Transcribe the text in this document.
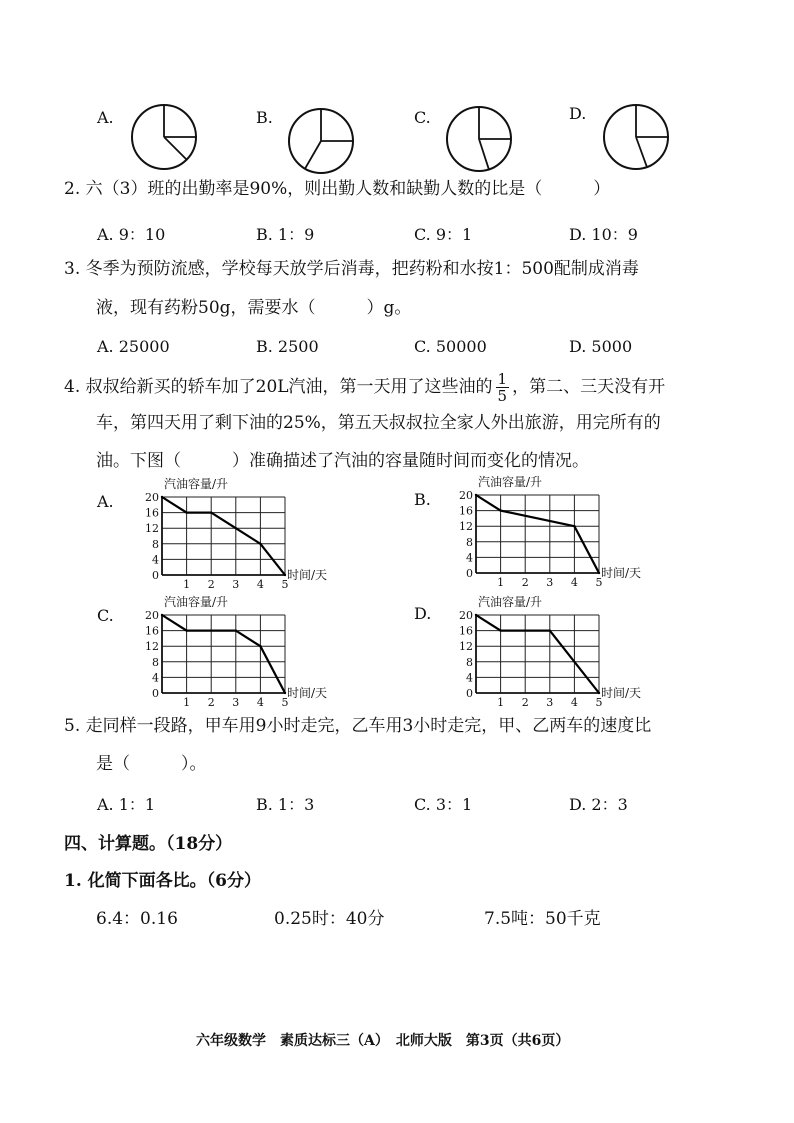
A.	B.	C.	D.
2. 六（3）班的出勤率是90%，则出勤人数和缺勤人数的比是（　　　）
A. 9：10	B. 1：9	C. 9：1	D. 10：9
3. 冬季为预防流感，学校每天放学后消毒，把药粉和水按1：500配制成消毒
液，现有药粉50g，需要水（　　　）g。
A. 25000	B. 2500	C. 50000	D. 5000
4. 叔叔给新买的轿车加了20L汽油，第一天用了这些油的 $\frac{1}{5}$ ，第二、三天没有开
车，第四天用了剩下油的25%，第五天叔叔拉全家人外出旅游，用完所有的
油。下图（　　　）准确描述了汽油的容量随时间而变化的情况。
A.	B.
C.	D.
0
4
8
12
16
20
1 2 3 4 5
汽油容量/升
时间/天	0
4
8
12
16
20
1 2 3 4 5
汽油容量/升
时间/天
0
4
8
12
16
20
1 2 3 4 5
汽油容量/升
时间/天	0
4
8
12
16
20
1 2 3 4 5
汽油容量/升
时间/天
5. 走同样一段路，甲车用9小时走完，乙车用3小时走完，甲、乙两车的速度比
是（　　　）。
A. 1：1	B. 1：3	C. 3：1	D. 2：3
四、计算题。（18分）
1. 化简下面各比。（6分）
6.4：0.16	0.25时：40分	7.5吨：50千克
六年级数学　素质达标三（A）　北师大版　第3页（共6页）
